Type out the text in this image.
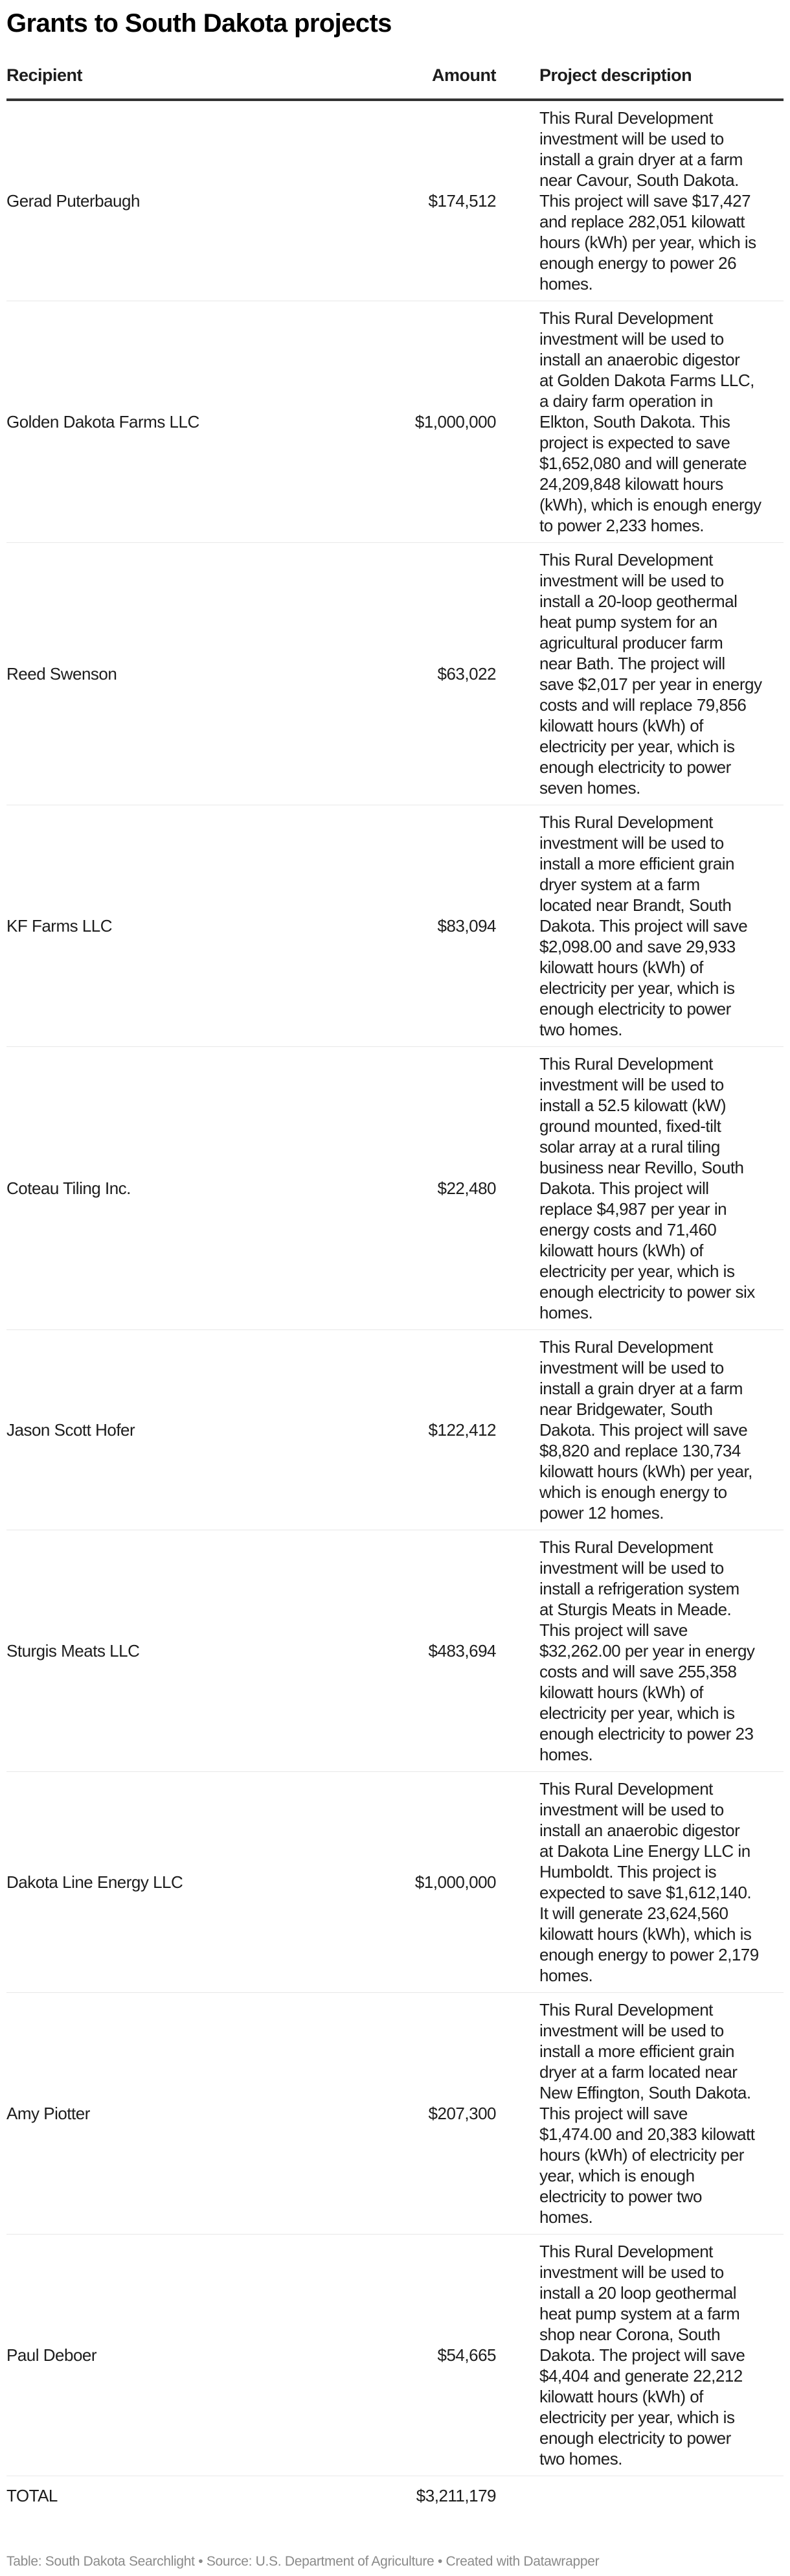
Grants to South Dakota projects
Recipient	Amount		Project description
Gerad Puterbaugh	$174,512		
This Rural Development
investment will be used to
install a grain dryer at a farm
near Cavour, South Dakota.
This project will save $17,427
and replace 282,051 kilowatt
hours (kWh) per year, which is
enough energy to power 26
homes.

Golden Dakota Farms LLC	$1,000,000		
This Rural Development
investment will be used to
install an anaerobic digestor
at Golden Dakota Farms LLC,
a dairy farm operation in
Elkton, South Dakota. This
project is expected to save
$1,652,080 and will generate
24,209,848 kilowatt hours
(kWh), which is enough energy
to power 2,233 homes.

Reed Swenson	$63,022		
This Rural Development
investment will be used to
install a 20-loop geothermal
heat pump system for an
agricultural producer farm
near Bath. The project will
save $2,017 per year in energy
costs and will replace 79,856
kilowatt hours (kWh) of
electricity per year, which is
enough electricity to power
seven homes.

KF Farms LLC	$83,094		
This Rural Development
investment will be used to
install a more efficient grain
dryer system at a farm
located near Brandt, South
Dakota. This project will save
$2,098.00 and save 29,933
kilowatt hours (kWh) of
electricity per year, which is
enough electricity to power
two homes.

Coteau Tiling Inc.	$22,480		
This Rural Development
investment will be used to
install a 52.5 kilowatt (kW)
ground mounted, fixed-tilt
solar array at a rural tiling
business near Revillo, South
Dakota. This project will
replace $4,987 per year in
energy costs and 71,460
kilowatt hours (kWh) of
electricity per year, which is
enough electricity to power six
homes.

Jason Scott Hofer	$122,412		
This Rural Development
investment will be used to
install a grain dryer at a farm
near Bridgewater, South
Dakota. This project will save
$8,820 and replace 130,734
kilowatt hours (kWh) per year,
which is enough energy to
power 12 homes.

Sturgis Meats LLC	$483,694		
This Rural Development
investment will be used to
install a refrigeration system
at Sturgis Meats in Meade.
This project will save
$32,262.00 per year in energy
costs and will save 255,358
kilowatt hours (kWh) of
electricity per year, which is
enough electricity to power 23
homes.

Dakota Line Energy LLC	$1,000,000		
This Rural Development
investment will be used to
install an anaerobic digestor
at Dakota Line Energy LLC in
Humboldt. This project is
expected to save $1,612,140.
It will generate 23,624,560
kilowatt hours (kWh), which is
enough energy to power 2,179
homes.

Amy Piotter	$207,300		
This Rural Development
investment will be used to
install a more efficient grain
dryer at a farm located near
New Effington, South Dakota.
This project will save
$1,474.00 and 20,383 kilowatt
hours (kWh) of electricity per
year, which is enough
electricity to power two
homes.

Paul Deboer	$54,665		
This Rural Development
investment will be used to
install a 20 loop geothermal
heat pump system at a farm
shop near Corona, South
Dakota. The project will save
$4,404 and generate 22,212
kilowatt hours (kWh) of
electricity per year, which is
enough electricity to power
two homes.

TOTAL	$3,211,179		
Table: South Dakota Searchlight • Source: U.S. Department of Agriculture • Created with Datawrapper
